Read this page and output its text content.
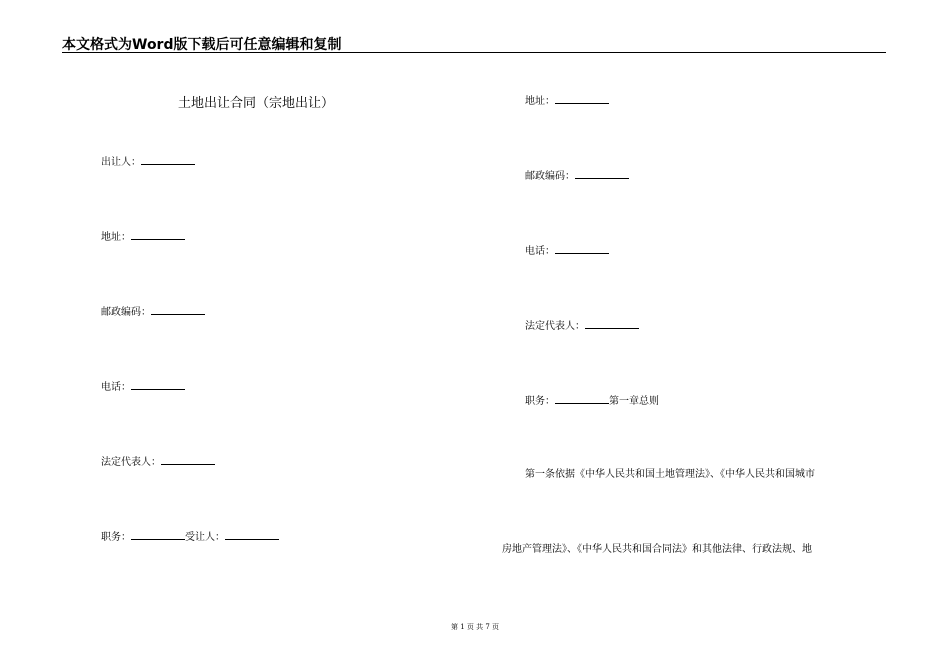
本文格式为Word版下载后可任意编辑和复制
土地出让合同（宗地出让）
出让人：
地址：
邮政编码：
电话：
法定代表人：
职务：	受让人：
地址：
邮政编码：
电话：
法定代表人：
职务：	第一章总则
第一条依据《中华人民共和国土地管理法》、《中华人民共和国城市
房地产管理法》、《中华人民共和国合同法》和其他法律、行政法规、地
第 1 页 共 7 页
